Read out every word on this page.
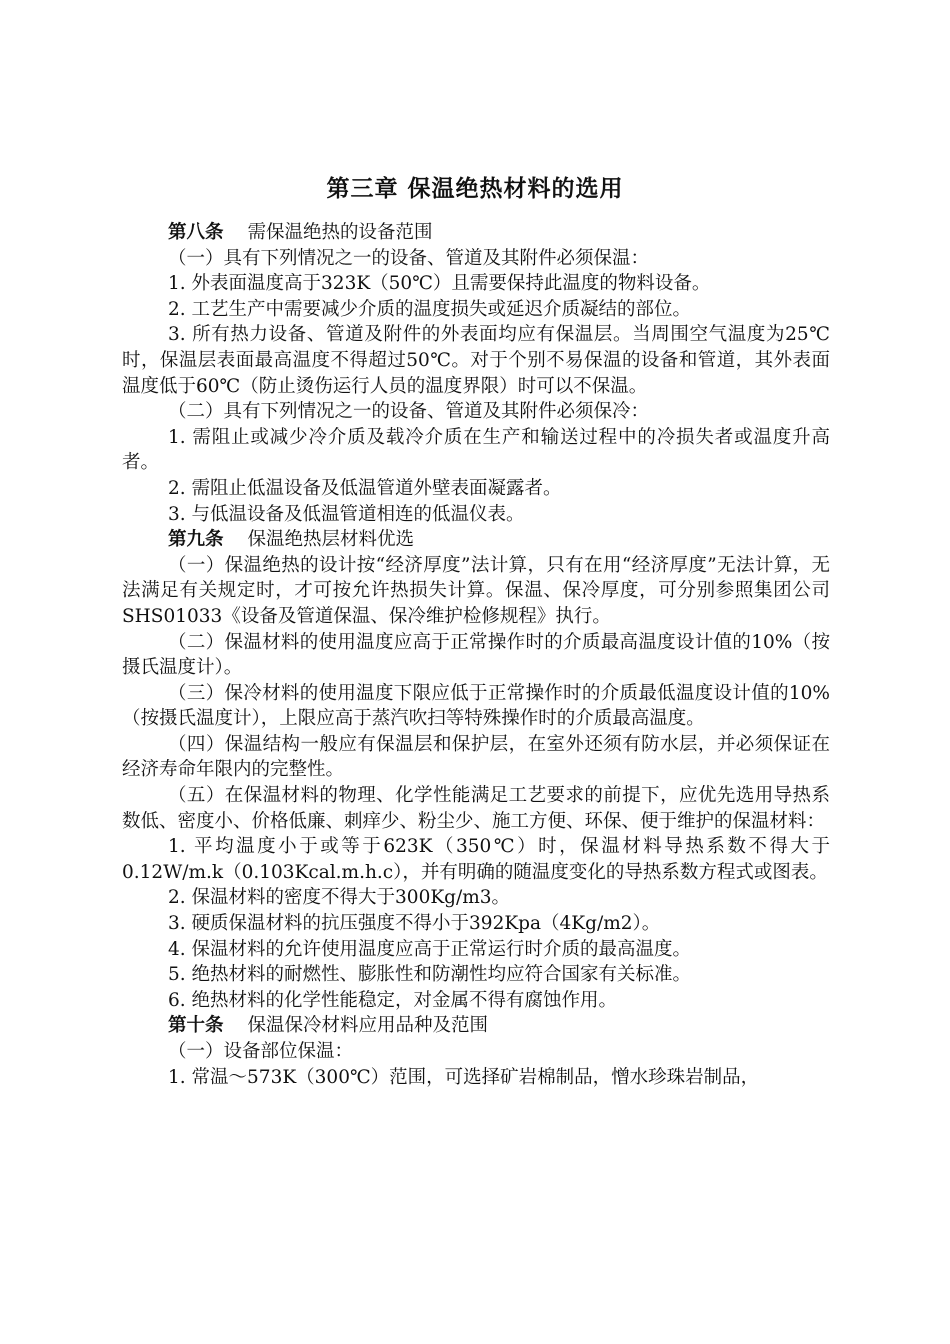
第三章 保温绝热材料的选用

第八条 需保温绝热的设备范围

（一）具有下列情况之一的设备、管道及其附件必须保温：

1. 外表面温度高于323K（50℃）且需要保持此温度的物料设备。

2. 工艺生产中需要减少介质的温度损失或延迟介质凝结的部位。

3. 所有热力设备、管道及附件的外表面均应有保温层。当周围空气温度为25℃时，保温层表面最高温度不得超过50℃。对于个别不易保温的设备和管道，其外表面温度低于60℃（防止烫伤运行人员的温度界限）时可以不保温。

（二）具有下列情况之一的设备、管道及其附件必须保冷：

1. 需阻止或减少冷介质及载冷介质在生产和输送过程中的冷损失者或温度升高者。

2. 需阻止低温设备及低温管道外壁表面凝露者。

3. 与低温设备及低温管道相连的低温仪表。

第九条 保温绝热层材料优选

（一）保温绝热的设计按“经济厚度”法计算，只有在用“经济厚度”无法计算，无法满足有关规定时，才可按允许热损失计算。保温、保冷厚度，可分别参照集团公司SHS01033《设备及管道保温、保冷维护检修规程》执行。

（二）保温材料的使用温度应高于正常操作时的介质最高温度设计值的10%（按摄氏温度计）。

（三）保冷材料的使用温度下限应低于正常操作时的介质最低温度设计值的10%（按摄氏温度计），上限应高于蒸汽吹扫等特殊操作时的介质最高温度。

（四）保温结构一般应有保温层和保护层，在室外还须有防水层，并必须保证在经济寿命年限内的完整性。

（五）在保温材料的物理、化学性能满足工艺要求的前提下，应优先选用导热系数低、密度小、价格低廉、刺痒少、粉尘少、施工方便、环保、便于维护的保温材料：

1. 平均温度小于或等于623K（350℃）时，保温材料导热系数不得大于0.12W/m.k（0.103Kcal.m.h.c），并有明确的随温度变化的导热系数方程式或图表。

2. 保温材料的密度不得大于300Kg/m3。

3. 硬质保温材料的抗压强度不得小于392Kpa（4Kg/m2）。

4. 保温材料的允许使用温度应高于正常运行时介质的最高温度。

5. 绝热材料的耐燃性、膨胀性和防潮性均应符合国家有关标准。

6. 绝热材料的化学性能稳定，对金属不得有腐蚀作用。

第十条 保温保冷材料应用品种及范围

（一）设备部位保温：

1. 常温～573K（300℃）范围，可选择矿岩棉制品，憎水珍珠岩制品，
